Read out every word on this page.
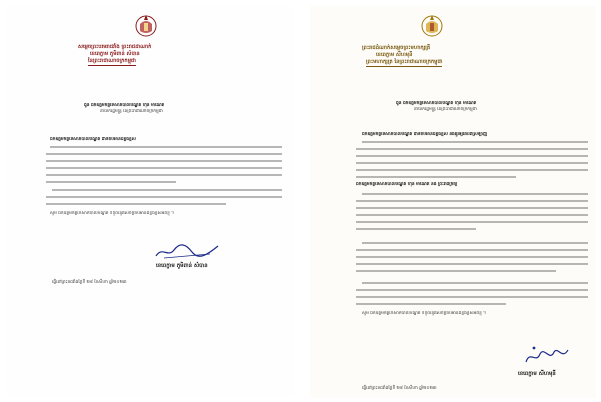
សម្តេចព្រះបរមរាជវាំង ព្រះរាជដាណាក់
ខេពេក្ចាម ភូមិពាន់ សំបាន
នៃព្រះរាជាណាចក្រកម្ពុជា
ជូន ឯកឧត្តមកិត្តិទេសាភិបាលបណ្ឌិត ហ៊ុន ម៉ាណែត
នាយករដ្ឋមន្ត្រី នៃព្រះរាជាណាចក្រកម្ពុជា
ឯកឧត្តមកិត្តិទេសាភិបាលបណ្ឌិត ជាទីរាប់អានដ៏ខ្ពង់ខ្ពស់
សូម ឯកឧត្តមកិត្តិទេសាភិបាលបណ្ឌិត ទទួលនូវសេចក្តីរាប់អានដ៏ខ្ពង់ខ្ពស់អំពីខ្ញុំ ។
ខេពេក្ចាម ភូមិពាន់ សំបាន
ធ្វើនៅព្រះរាជវាំងថ្ងៃទី ២៨ ខែសីហា ឆ្នាំ២០២៣
ព្រះរាជដំណាក់សម្តេចព្រះមហាក្សត្រី
ខេពេក្ចាម សីហមុនី
ព្រះមហាក្សត្រ នៃព្រះរាជាណាចក្រកម្ពុជា
ជូន ឯកឧត្តមកិត្តិទេសាភិបាលបណ្ឌិត ហ៊ុន ម៉ាណែត
នាយករដ្ឋមន្ត្រី នៃព្រះរាជាណាចក្រកម្ពុជា
ឯកឧត្តមកិត្តិទេសាភិបាលបណ្ឌិត ជាទីរាប់អានដ៏ខ្ពង់ខ្ពស់ និងគួរឲ្យគោរពស្រឡាញ់
ឯកឧត្តមកិត្តិទេសាភិបាលបណ្ឌិត ហ៊ុន ម៉ាណែត និង ព្រះរាជក្រឹត្យ
សូម ឯកឧត្តមកិត្តិទេសាភិបាលបណ្ឌិត ទទួលនូវសេចក្តីរាប់អានដ៏ខ្ពង់ខ្ពស់អំពីខ្ញុំ ។
ខេពេក្ចាម សីហមុនី
ធ្វើនៅព្រះរាជវាំងថ្ងៃទី ២៨ ខែសីហា ឆ្នាំ២០២៣
